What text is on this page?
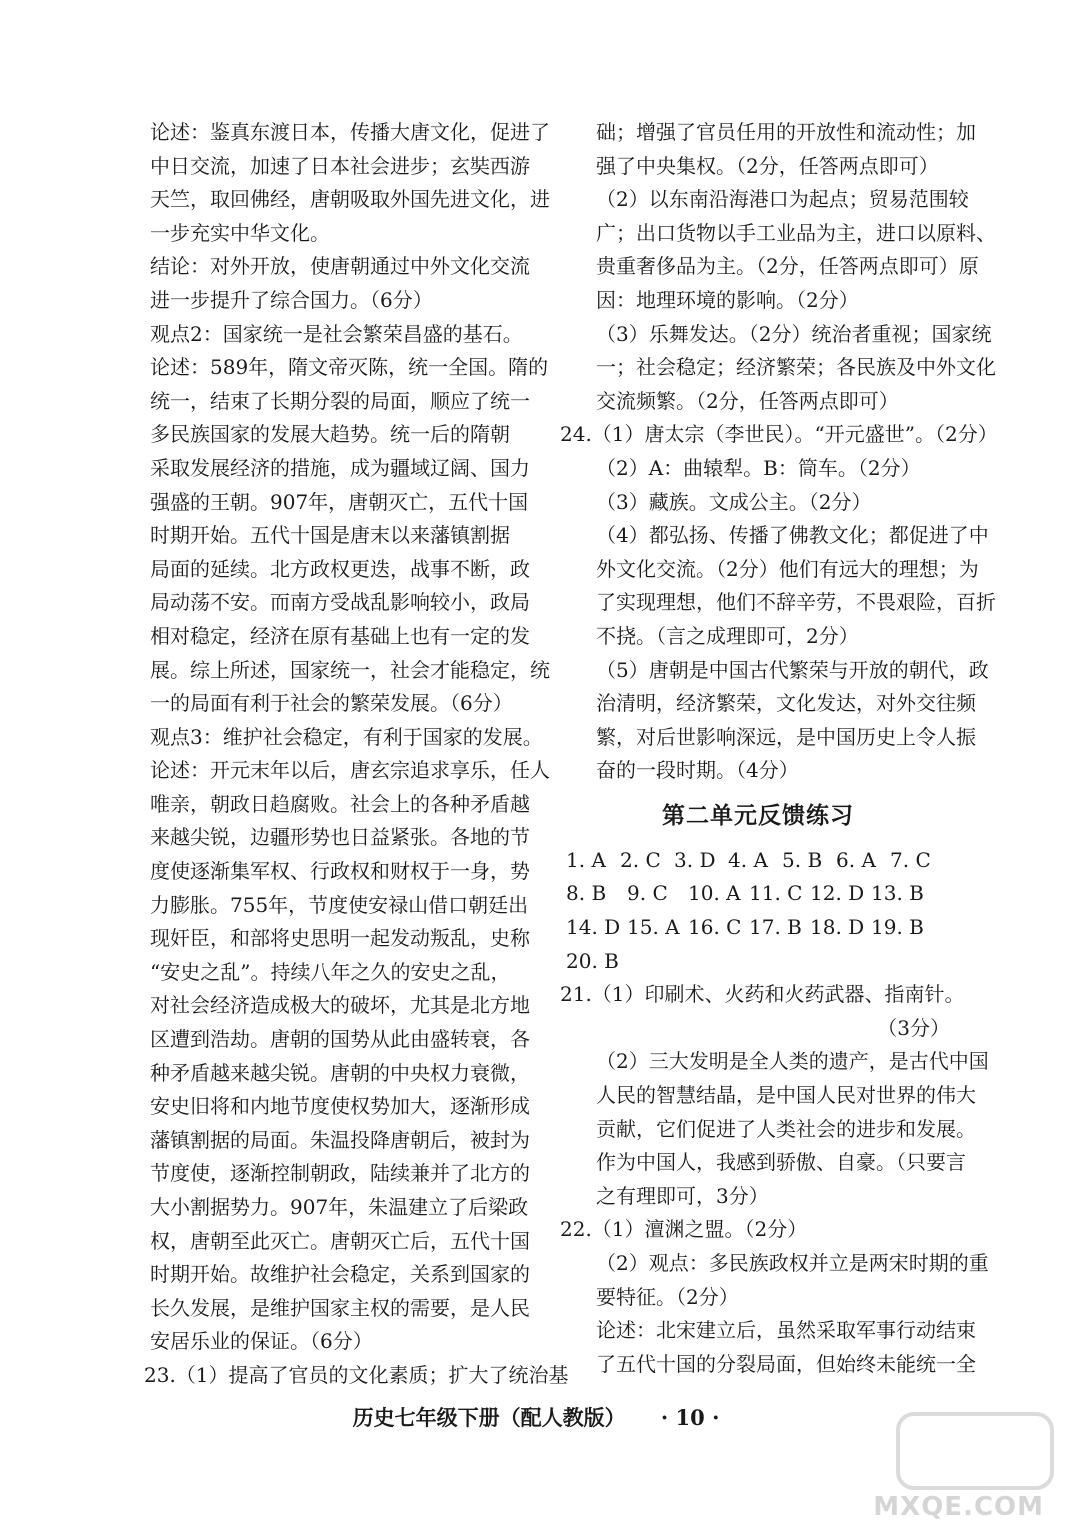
论述：鉴真东渡日本，传播大唐文化，促进了
中日交流，加速了日本社会进步；玄奘西游
天竺，取回佛经，唐朝吸取外国先进文化，进
一步充实中华文化。
结论：对外开放，使唐朝通过中外文化交流
进一步提升了综合国力。（6分）
观点2：国家统一是社会繁荣昌盛的基石。
论述：589年，隋文帝灭陈，统一全国。隋的
统一，结束了长期分裂的局面，顺应了统一
多民族国家的发展大趋势。统一后的隋朝
采取发展经济的措施，成为疆域辽阔、国力
强盛的王朝。907年，唐朝灭亡，五代十国
时期开始。五代十国是唐末以来藩镇割据
局面的延续。北方政权更迭，战事不断，政
局动荡不安。而南方受战乱影响较小，政局
相对稳定，经济在原有基础上也有一定的发
展。综上所述，国家统一，社会才能稳定，统
一的局面有利于社会的繁荣发展。（6分）
观点3：维护社会稳定，有利于国家的发展。
论述：开元末年以后，唐玄宗追求享乐，任人
唯亲，朝政日趋腐败。社会上的各种矛盾越
来越尖锐，边疆形势也日益紧张。各地的节
度使逐渐集军权、行政权和财权于一身，势
力膨胀。755年，节度使安禄山借口朝廷出
现奸臣，和部将史思明一起发动叛乱，史称
“安史之乱”。持续八年之久的安史之乱，
对社会经济造成极大的破坏，尤其是北方地
区遭到浩劫。唐朝的国势从此由盛转衰，各
种矛盾越来越尖锐。唐朝的中央权力衰微，
安史旧将和内地节度使权势加大，逐渐形成
藩镇割据的局面。朱温投降唐朝后，被封为
节度使，逐渐控制朝政，陆续兼并了北方的
大小割据势力。907年，朱温建立了后梁政
权，唐朝至此灭亡。唐朝灭亡后，五代十国
时期开始。故维护社会稳定，关系到国家的
长久发展，是维护国家主权的需要，是人民
安居乐业的保证。（6分）
23.（1）提高了官员的文化素质；扩大了统治基
础；增强了官员任用的开放性和流动性；加
强了中央集权。（2分，任答两点即可）
（2）以东南沿海港口为起点；贸易范围较
广；出口货物以手工业品为主，进口以原料、
贵重奢侈品为主。（2分，任答两点即可）原
因：地理环境的影响。（2分）
（3）乐舞发达。（2分）统治者重视；国家统
一；社会稳定；经济繁荣；各民族及中外文化
交流频繁。（2分，任答两点即可）
24.（1）唐太宗（李世民）。“开元盛世”。（2分）
（2）A：曲辕犁。B：筒车。（2分）
（3）藏族。文成公主。（2分）
（4）都弘扬、传播了佛教文化；都促进了中
外文化交流。（2分）他们有远大的理想；为
了实现理想，他们不辞辛劳，不畏艰险，百折
不挠。（言之成理即可，2分）
（5）唐朝是中国古代繁荣与开放的朝代，政
治清明，经济繁荣，文化发达，对外交往频
繁，对后世影响深远，是中国历史上令人振
奋的一段时期。（4分）
第二单元反馈练习
1. A 2. C 3. D 4. A 5. B 6. A 7. C
8. B 9. C 10. A 11. C 12. D 13. B
14. D 15. A 16. C 17. B 18. D 19. B
20. B
21.（1）印刷术、火药和火药武器、指南针。
（3分）
（2）三大发明是全人类的遗产，是古代中国
人民的智慧结晶，是中国人民对世界的伟大
贡献，它们促进了人类社会的进步和发展。
作为中国人，我感到骄傲、自豪。（只要言
之有理即可，3分）
22.（1）澶渊之盟。（2分）
（2）观点：多民族政权并立是两宋时期的重
要特征。（2分）
论述：北宋建立后，虽然采取军事行动结束
了五代十国的分裂局面，但始终未能统一全
历史七年级下册（配人教版） · 10 ·
MXQE.COM
